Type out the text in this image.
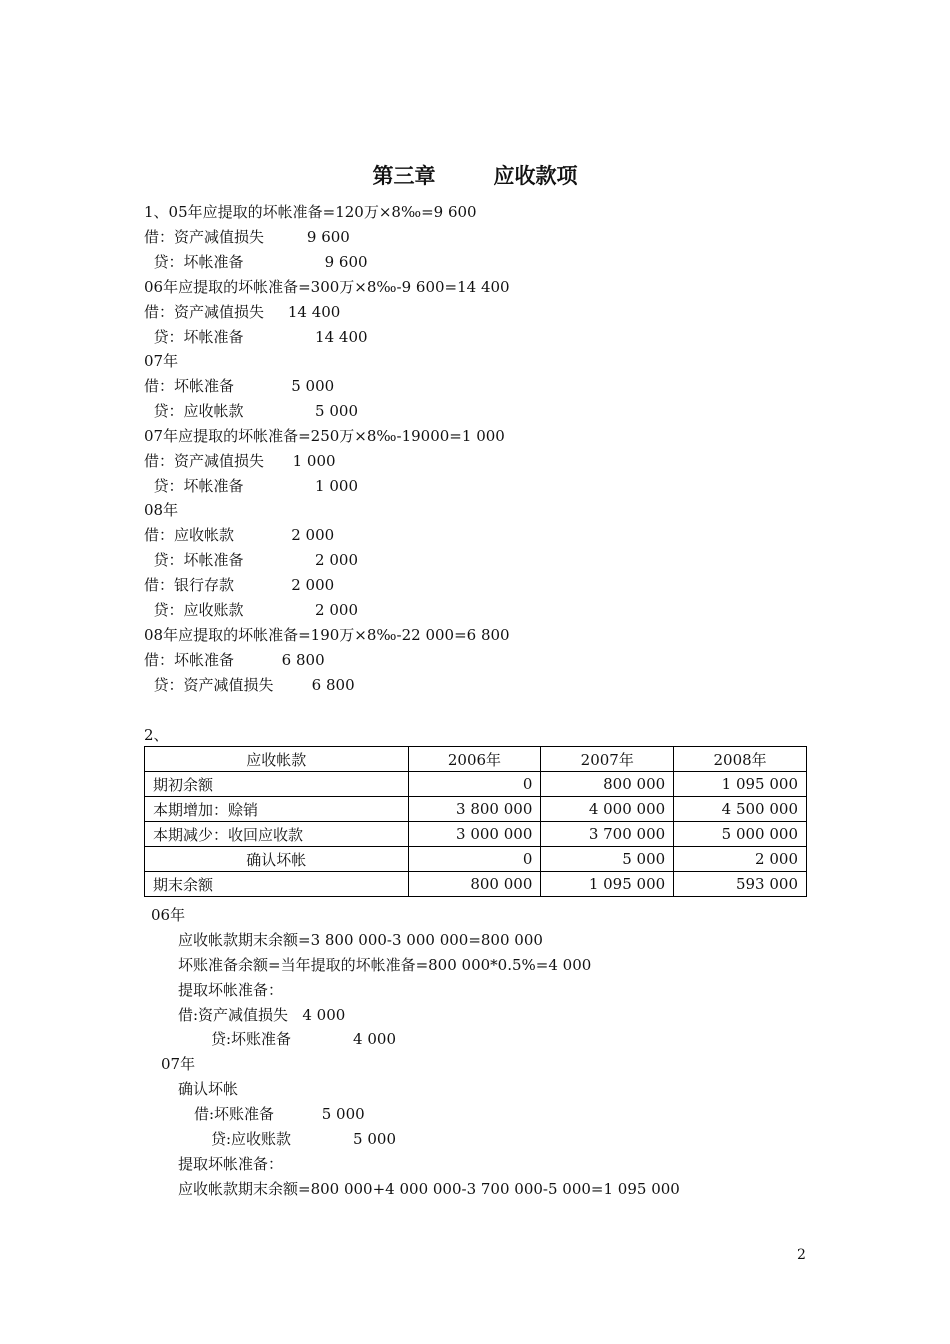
第三章	应收款项
1、05年应提取的坏帐准备=120万×8‰=9 600
借：资产减值损失         9 600
贷：坏帐准备                 9 600
06年应提取的坏帐准备=300万×8‰-9 600=14 400
借：资产减值损失     14 400
贷：坏帐准备               14 400
07年
借：坏帐准备            5 000
贷：应收帐款               5 000
07年应提取的坏帐准备=250万×8‰-19000=1 000
借：资产减值损失      1 000
贷：坏帐准备               1 000
08年
借：应收帐款            2 000
贷：坏帐准备               2 000
借：银行存款            2 000
贷：应收账款               2 000
08年应提取的坏帐准备=190万×8‰-22 000=6 800
借：坏帐准备          6 800
贷：资产减值损失        6 800
2、
应收帐款	2006年	2007年	2008年
期初余额	0	800 000	1 095 000
本期增加：赊销	3 800 000	4 000 000	4 500 000
本期减少：收回应收款	3 000 000	3 700 000	5 000 000
确认坏帐	0	5 000	2 000
期末余额	800 000	1 095 000	593 000
06年
应收帐款期末余额=3 800 000-3 000 000=800 000
坏账准备余额=当年提取的坏帐准备=800 000*0.5%=4 000
提取坏帐准备：
借:资产减值损失   4 000
贷:坏账准备             4 000
07年
确认坏帐
借:坏账准备          5 000
贷:应收账款             5 000
提取坏帐准备：
应收帐款期末余额=800 000+4 000 000-3 700 000-5 000=1 095 000
2
